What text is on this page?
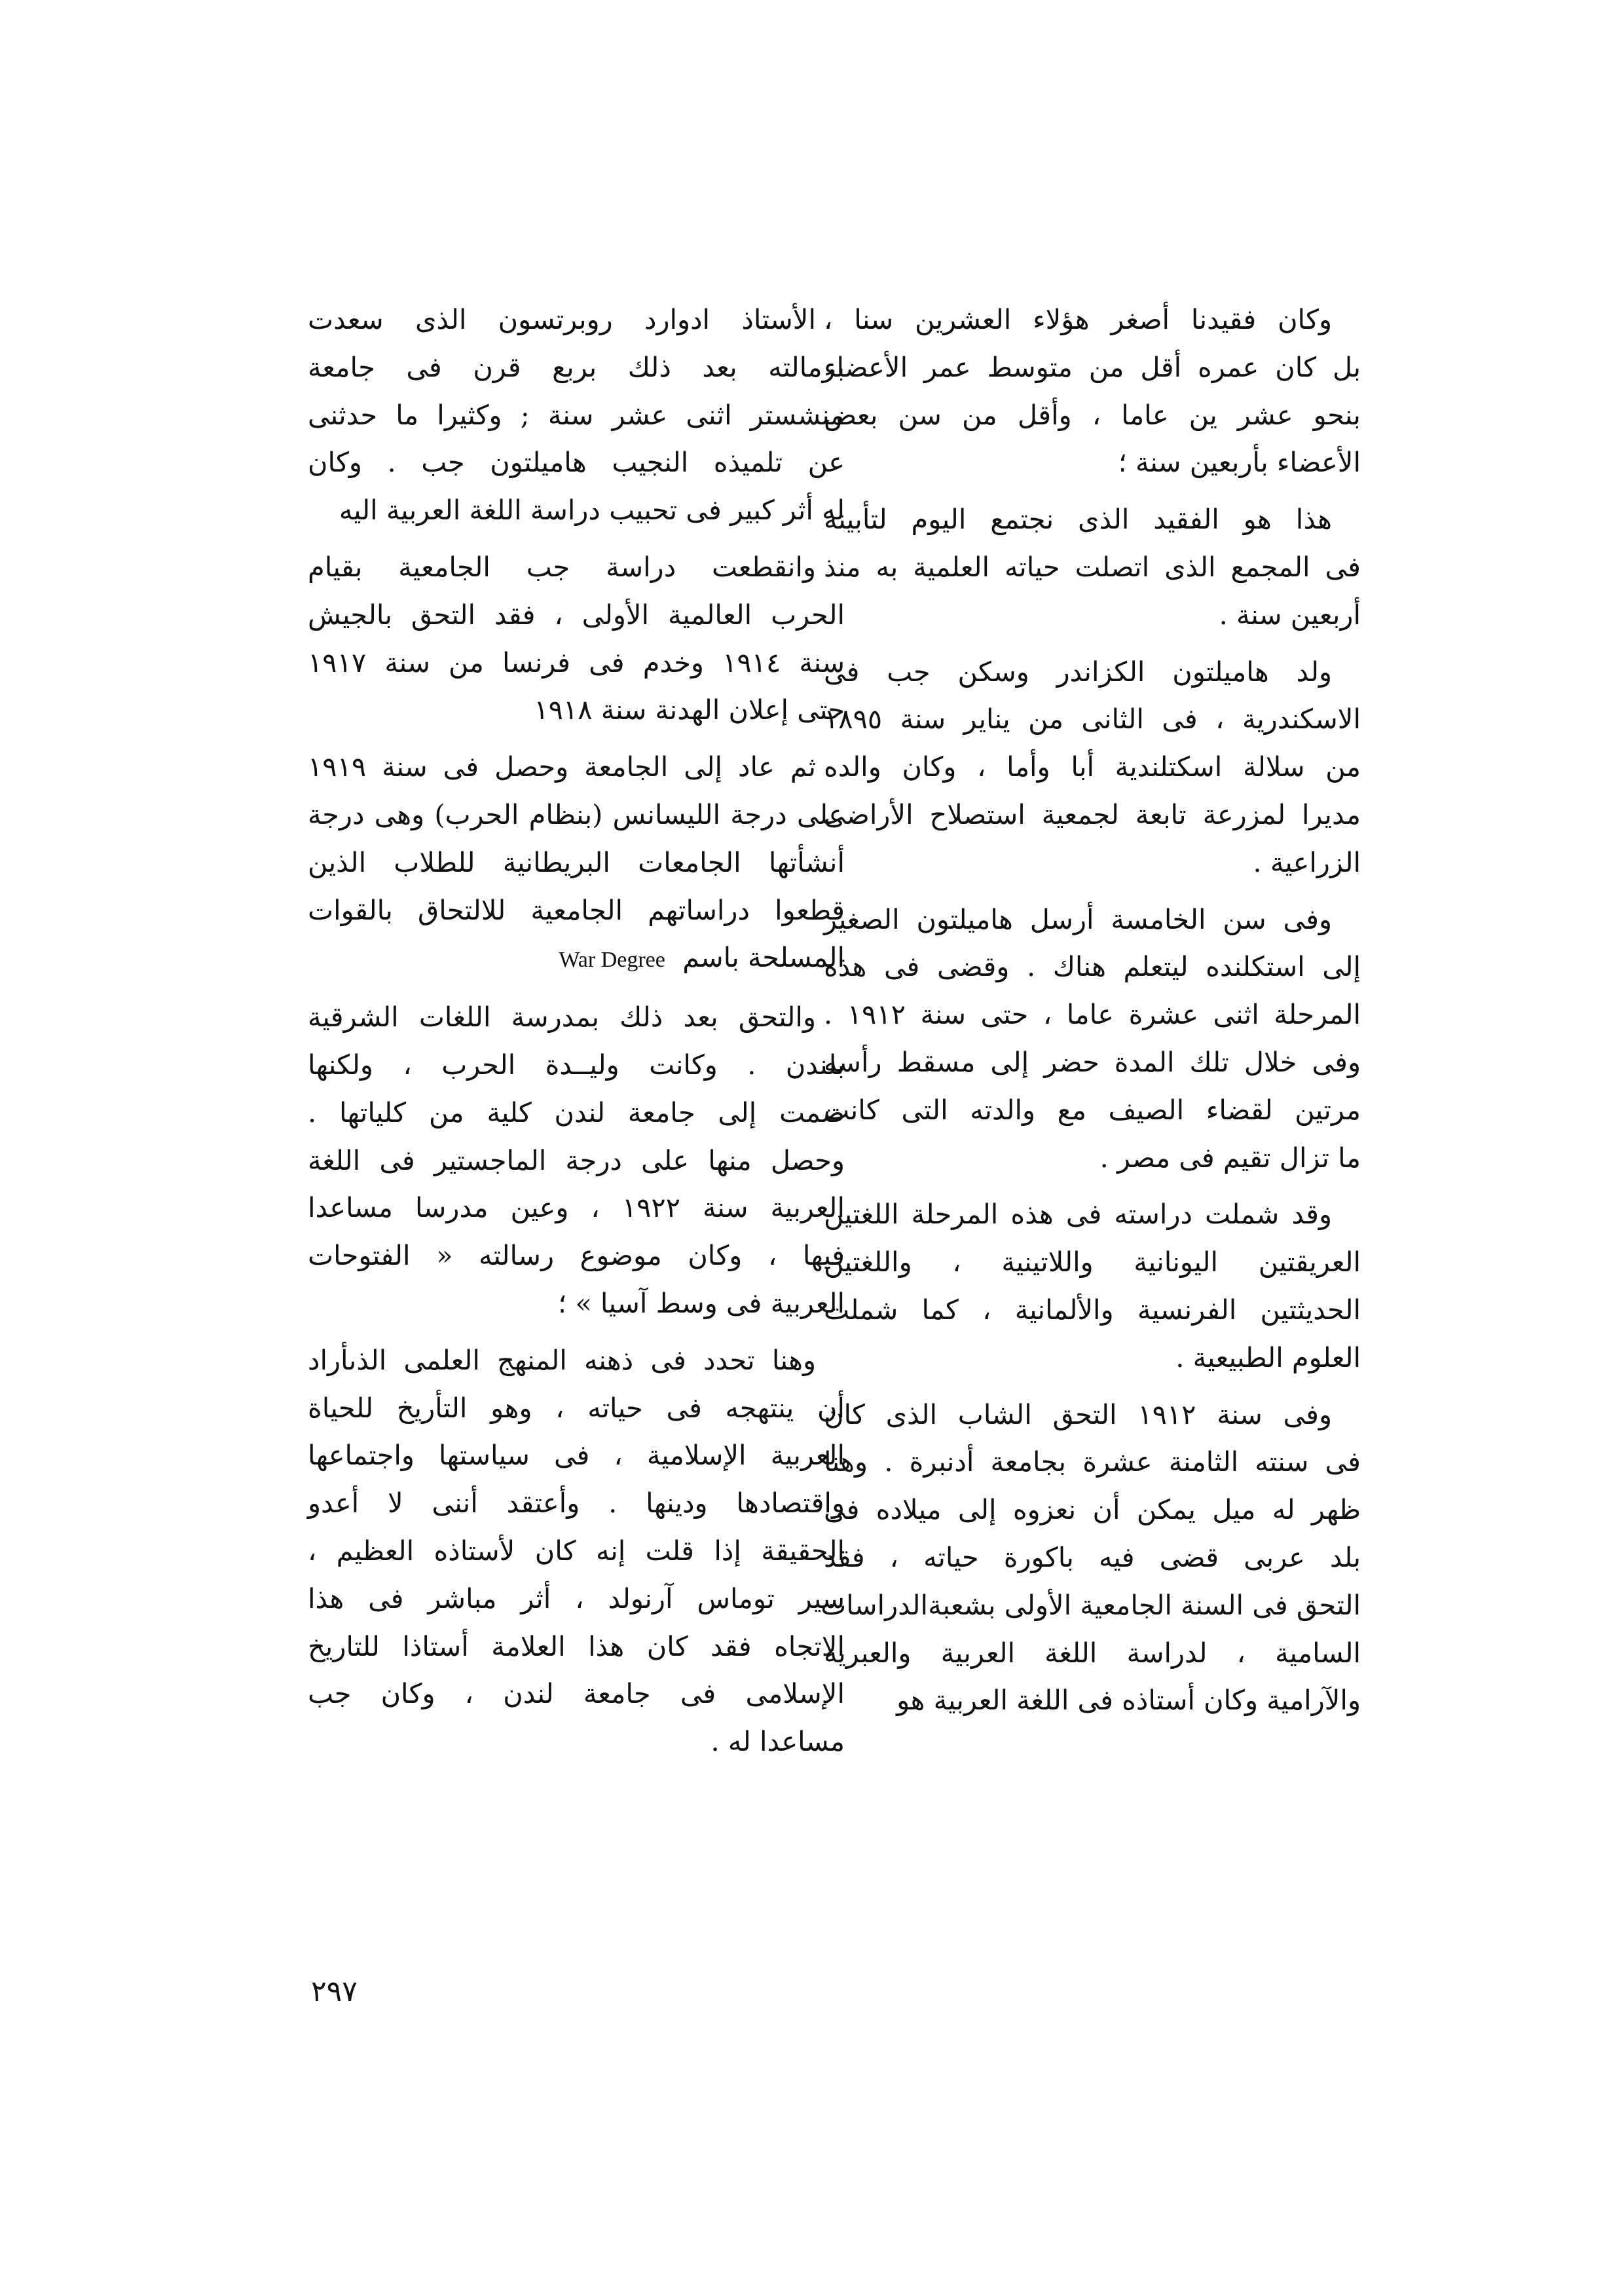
وكان فقيدنا أصغر هؤلاء العشرين سنا ،
بل كان عمره أقل من متوسط عمر الأعضاء
بنحو عشر ين عاما ، وأقل من سن بعض
الأعضاء بأربعين سنة ؛
هذا هو الفقيد الذى نجتمع اليوم لتأبينه
فى المجمع الذى اتصلت حياته العلمية به منذ
أربعين سنة .
ولد هاميلتون الكزاندر وسكن جب فى
الاسكندرية ، فى الثانى من يناير سنة ١٨٩٥
من سلالة اسكتلندية أبا وأما ، وكان والده
مديرا لمزرعة تابعة لجمعية استصلاح الأراضى
الزراعية .
وفى سن الخامسة أرسل هاميلتون الصغير
إلى استكلنده ليتعلم هناك . وقضى فى هذه
المرحلة اثنى عشرة عاما ، حتى سنة ١٩١٢ .
وفى خلال تلك المدة حضر إلى مسقط رأسه
مرتين لقضاء الصيف مع والدته التى كانت
ما تزال تقيم فى مصر .
وقد شملت دراسته فى هذه المرحلة اللغتين
العريقتين اليونانية واللاتينية ، واللغتين
الحديثتين الفرنسية والألمانية ، كما شملت
العلوم الطبيعية .
وفى سنة ١٩١٢ التحق الشاب الذى كان
فى سنته الثامنة عشرة بجامعة أدنبرة . وهنا
ظهر له ميل يمكن أن نعزوه إلى ميلاده فى
بلد عربى قضى فيه باكورة حياته ، فقد
التحق فى السنة الجامعية الأولى بشعبةالدراسات
السامية ، لدراسة اللغة العربية والعبرية
والآرامية وكان أستاذه فى اللغة العربية هو
الأستاذ ادوارد روبرتسون الذى سعدت
بزمالته بعد ذلك بربع قرن فى جامعة
منشستر اثنى عشر سنة ; وكثيرا ما حدثنى
عن تلميذه النجيب هاميلتون جب . وكان
له أثر كبير فى تحبيب دراسة اللغة العربية اليه
وانقطعت دراسة جب الجامعية بقيام
الحرب العالمية الأولى ، فقد التحق بالجيش
سنة ١٩١٤ وخدم فى فرنسا من سنة ١٩١٧
حتى إعلان الهدنة سنة ١٩١٨
ثم عاد إلى الجامعة وحصل فى سنة ١٩١٩
على درجة الليسانس (بنظام الحرب) وهى درجة
أنشأتها الجامعات البريطانية للطلاب الذين
قطعوا دراساتهم الجامعية للالتحاق بالقوات
المسلحة باسم  War Degree
والتحق بعد ذلك بمدرسة اللغات الشرقية
بلندن . وكانت وليــدة الحرب ، ولكنها
ضمت إلى جامعة لندن كلية من كلياتها .
وحصل منها على درجة الماجستير فى اللغة
العربية سنة ١٩٢٢ ، وعين مدرسا مساعدا
فيها ، وكان موضوع رسالته « الفتوحات
العربية فى وسط آسيا » ؛
وهنا تحدد فى ذهنه المنهج العلمى الذىأراد
أن ينتهجه فى حياته ، وهو التأريخ للحياة
العربية الإسلامية ، فى سياستها واجتماعها
واقتصادها ودينها . وأعتقد أننى لا أعدو
الحقيقة إذا قلت إنه كان لأستاذه العظيم ،
سير توماس آرنولد ، أثر مباشر فى هذا
الاتجاه فقد كان هذا العلامة أستاذا للتاريخ
الإسلامى فى جامعة لندن ، وكان جب
مساعدا له .
٢٩٧
